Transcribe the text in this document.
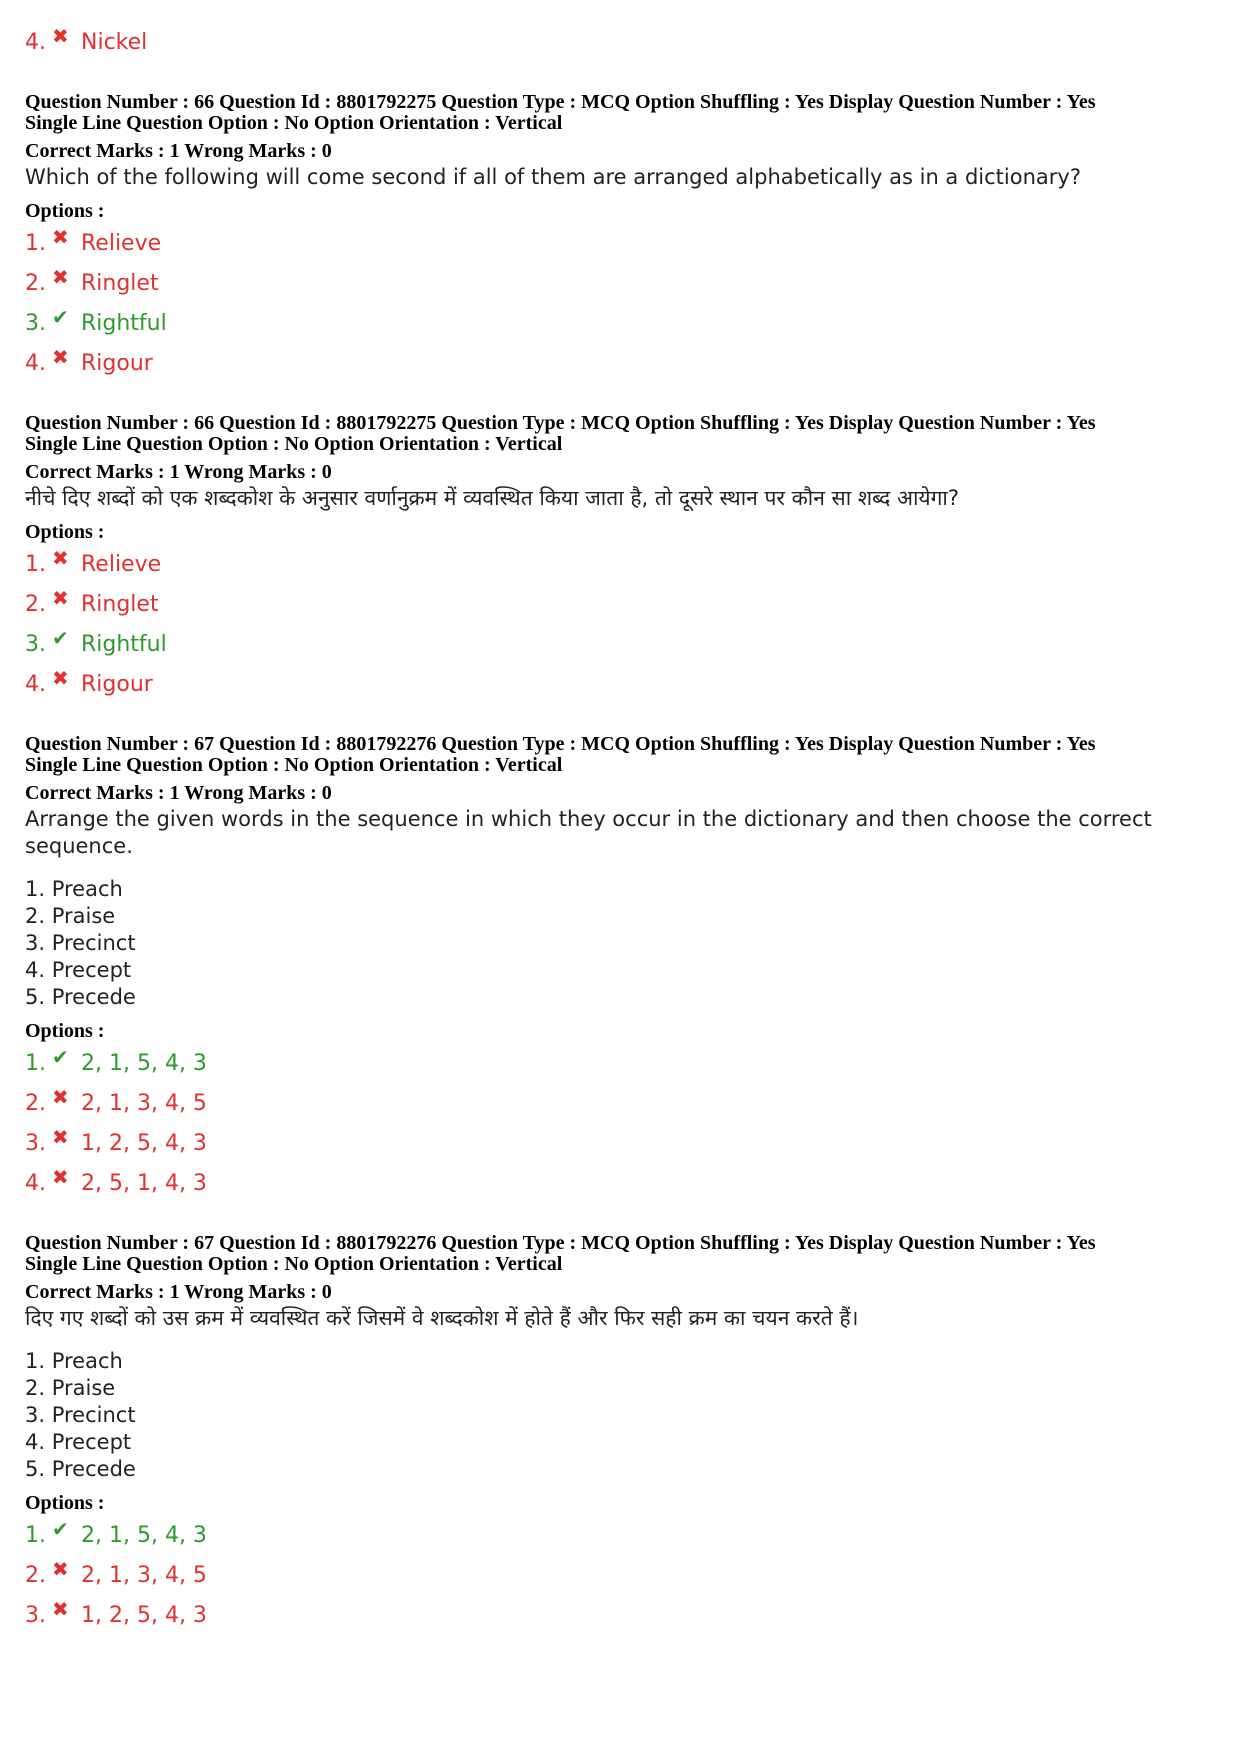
4. ✖ Nickel
Question Number : 66 Question Id : 8801792275 Question Type : MCQ Option Shuffling : Yes Display Question Number : Yes
Single Line Question Option : No Option Orientation : Vertical
Correct Marks : 1 Wrong Marks : 0
Which of the following will come second if all of them are arranged alphabetically as in a dictionary?
Options :
1. ✖ Relieve
2. ✖ Ringlet
3. ✔ Rightful
4. ✖ Rigour
Question Number : 66 Question Id : 8801792275 Question Type : MCQ Option Shuffling : Yes Display Question Number : Yes
Single Line Question Option : No Option Orientation : Vertical
Correct Marks : 1 Wrong Marks : 0
नीचे दिए शब्दों को एक शब्दकोश के अनुसार वर्णानुक्रम में व्यवस्थित किया जाता है, तो दूसरे स्थान पर कौन सा शब्द आयेगा?
Options :
1. ✖ Relieve
2. ✖ Ringlet
3. ✔ Rightful
4. ✖ Rigour
Question Number : 67 Question Id : 8801792276 Question Type : MCQ Option Shuffling : Yes Display Question Number : Yes
Single Line Question Option : No Option Orientation : Vertical
Correct Marks : 1 Wrong Marks : 0
Arrange the given words in the sequence in which they occur in the dictionary and then choose the correct sequence.
1. Preach
2. Praise
3. Precinct
4. Precept
5. Precede
Options :
1. ✔ 2, 1, 5, 4, 3
2. ✖ 2, 1, 3, 4, 5
3. ✖ 1, 2, 5, 4, 3
4. ✖ 2, 5, 1, 4, 3
Question Number : 67 Question Id : 8801792276 Question Type : MCQ Option Shuffling : Yes Display Question Number : Yes
Single Line Question Option : No Option Orientation : Vertical
Correct Marks : 1 Wrong Marks : 0
दिए गए शब्दों को उस क्रम में व्यवस्थित करें जिसमें वे शब्दकोश में होते हैं और फिर सही क्रम का चयन करते हैं।
1. Preach
2. Praise
3. Precinct
4. Precept
5. Precede
Options :
1. ✔ 2, 1, 5, 4, 3
2. ✖ 2, 1, 3, 4, 5
3. ✖ 1, 2, 5, 4, 3
